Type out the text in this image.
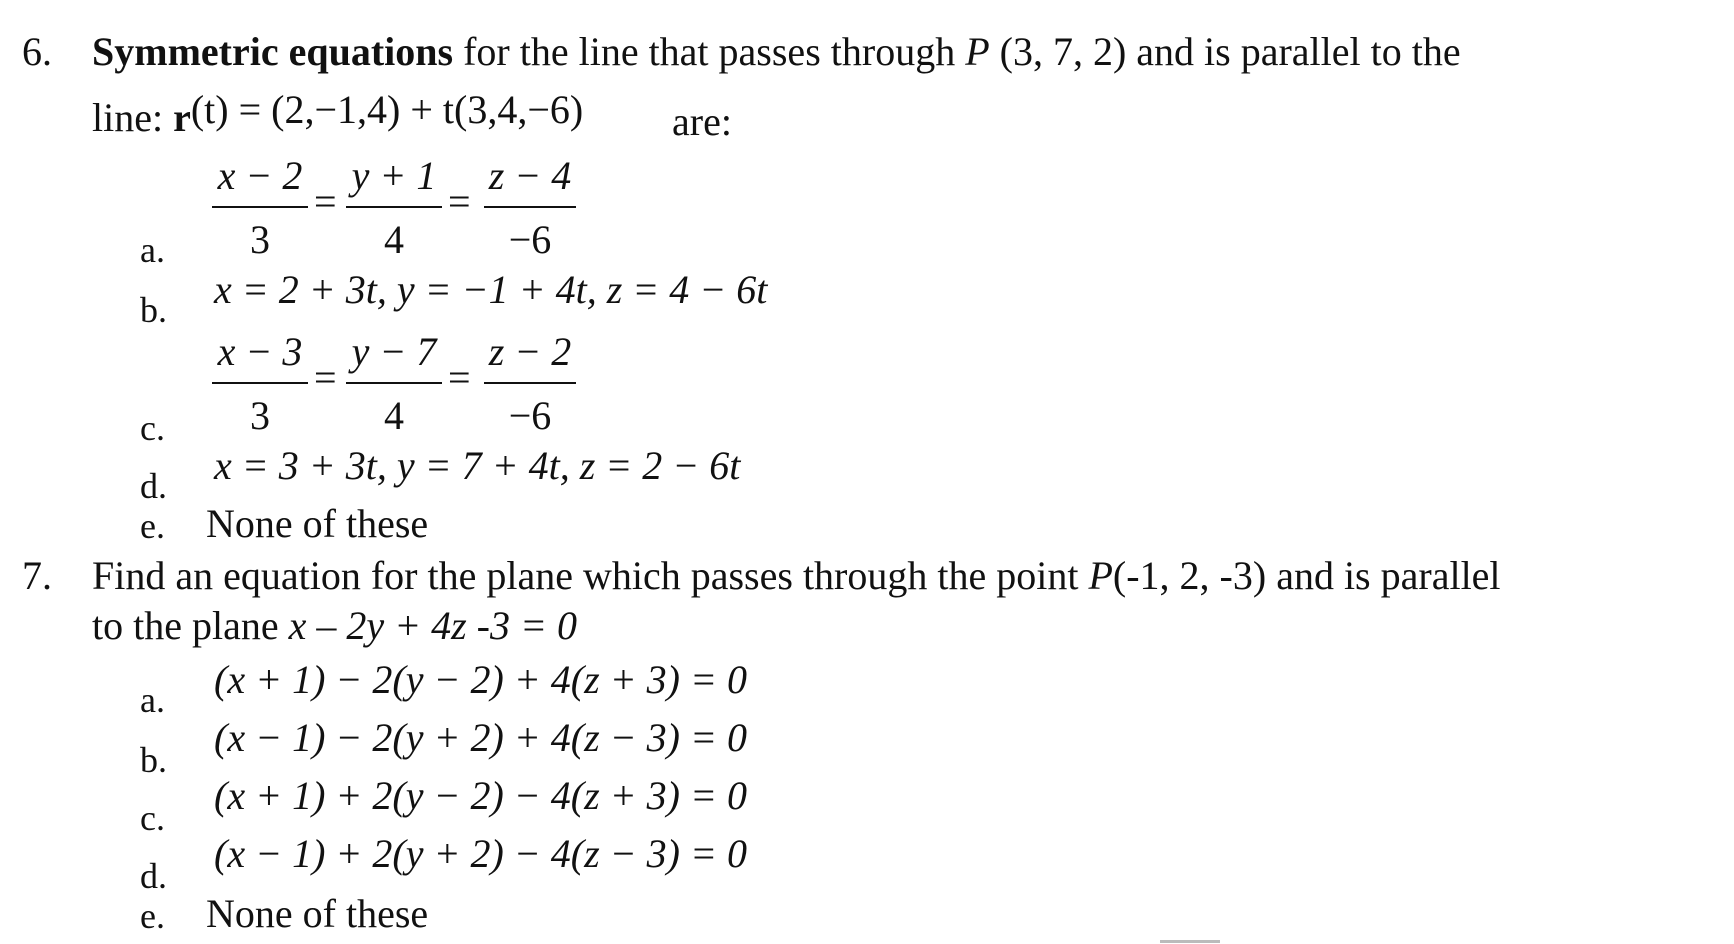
6. Symmetric equations for the line that passes through P (3, 7, 2) and is parallel to the
line: r(t) = (2,−1,4) + t(3,4,−6) are:
a.
x − 2
3
=
y + 1
4
=
z − 4
−6
b. x = 2 + 3t, y = −1 + 4t, z = 4 − 6t
c.
x − 3
3
=
y − 7
4
=
z − 2
−6
d. x = 3 + 3t, y = 7 + 4t, z = 2 − 6t
e. None of these
7. Find an equation for the plane which passes through the point P(-1, 2, -3) and is parallel
to the plane x – 2y + 4z -3 = 0
a. (x + 1) − 2(y − 2) + 4(z + 3) = 0
b. (x − 1) − 2(y + 2) + 4(z − 3) = 0
c. (x + 1) + 2(y − 2) − 4(z + 3) = 0
d. (x − 1) + 2(y + 2) − 4(z − 3) = 0
e. None of these
